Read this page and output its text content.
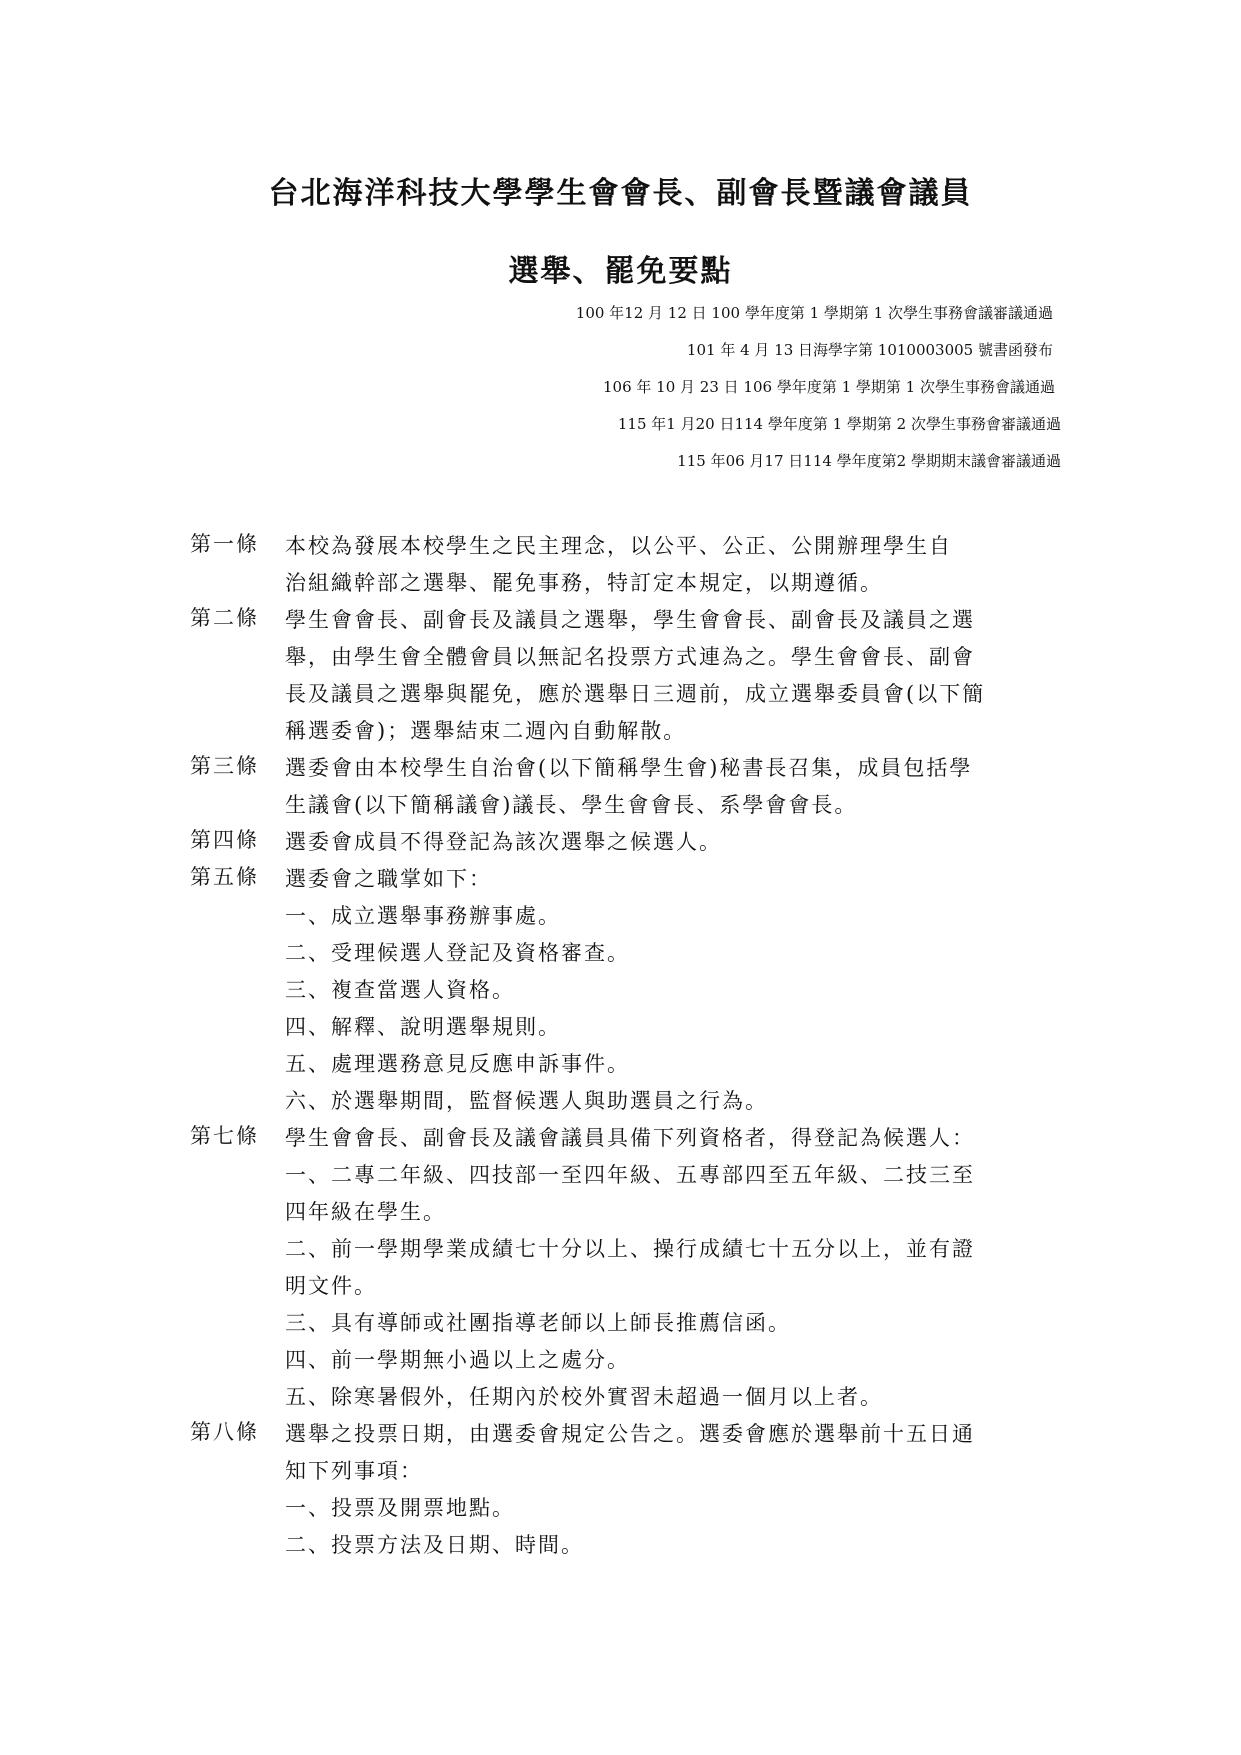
台北海洋科技大學學生會會長、副會長暨議會議員
選舉、罷免要點
100 年12 月 12 日 100 學年度第 1 學期第 1 次學生事務會議審議通過
101 年 4 月 13 日海學字第 1010003005 號書函發布
106 年 10 月 23 日 106 學年度第 1 學期第 1 次學生事務會議通過
115 年1 月20 日114 學年度第 1 學期第 2 次學生事務會審議通過
115 年06 月17 日114 學年度第2 學期期末議會審議通過
第一條	本校為發展本校學生之民主理念，以公平、公正、公開辦理學生自
治組織幹部之選舉、罷免事務，特訂定本規定，以期遵循。
第二條	學生會會長、副會長及議員之選舉，學生會會長、副會長及議員之選
舉，由學生會全體會員以無記名投票方式連為之。學生會會長、副會
長及議員之選舉與罷免，應於選舉日三週前，成立選舉委員會(以下簡
稱選委會)；選舉結束二週內自動解散。
第三條	選委會由本校學生自治會(以下簡稱學生會)秘書長召集，成員包括學
生議會(以下簡稱議會)議長、學生會會長、系學會會長。
第四條	選委會成員不得登記為該次選舉之候選人。
第五條	選委會之職掌如下：
一、成立選舉事務辦事處。
二、受理候選人登記及資格審查。
三、複查當選人資格。
四、解釋、說明選舉規則。
五、處理選務意見反應申訴事件。
六、於選舉期間，監督候選人與助選員之行為。
第七條	學生會會長、副會長及議會議員具備下列資格者，得登記為候選人：
一、二專二年級、四技部一至四年級、五專部四至五年級、二技三至
四年級在學生。
二、前一學期學業成績七十分以上、操行成績七十五分以上，並有證
明文件。
三、具有導師或社團指導老師以上師長推薦信函。
四、前一學期無小過以上之處分。
五、除寒暑假外，任期內於校外實習未超過一個月以上者。
第八條	選舉之投票日期，由選委會規定公告之。選委會應於選舉前十五日通
知下列事項：
一、投票及開票地點。
二、投票方法及日期、時間。
